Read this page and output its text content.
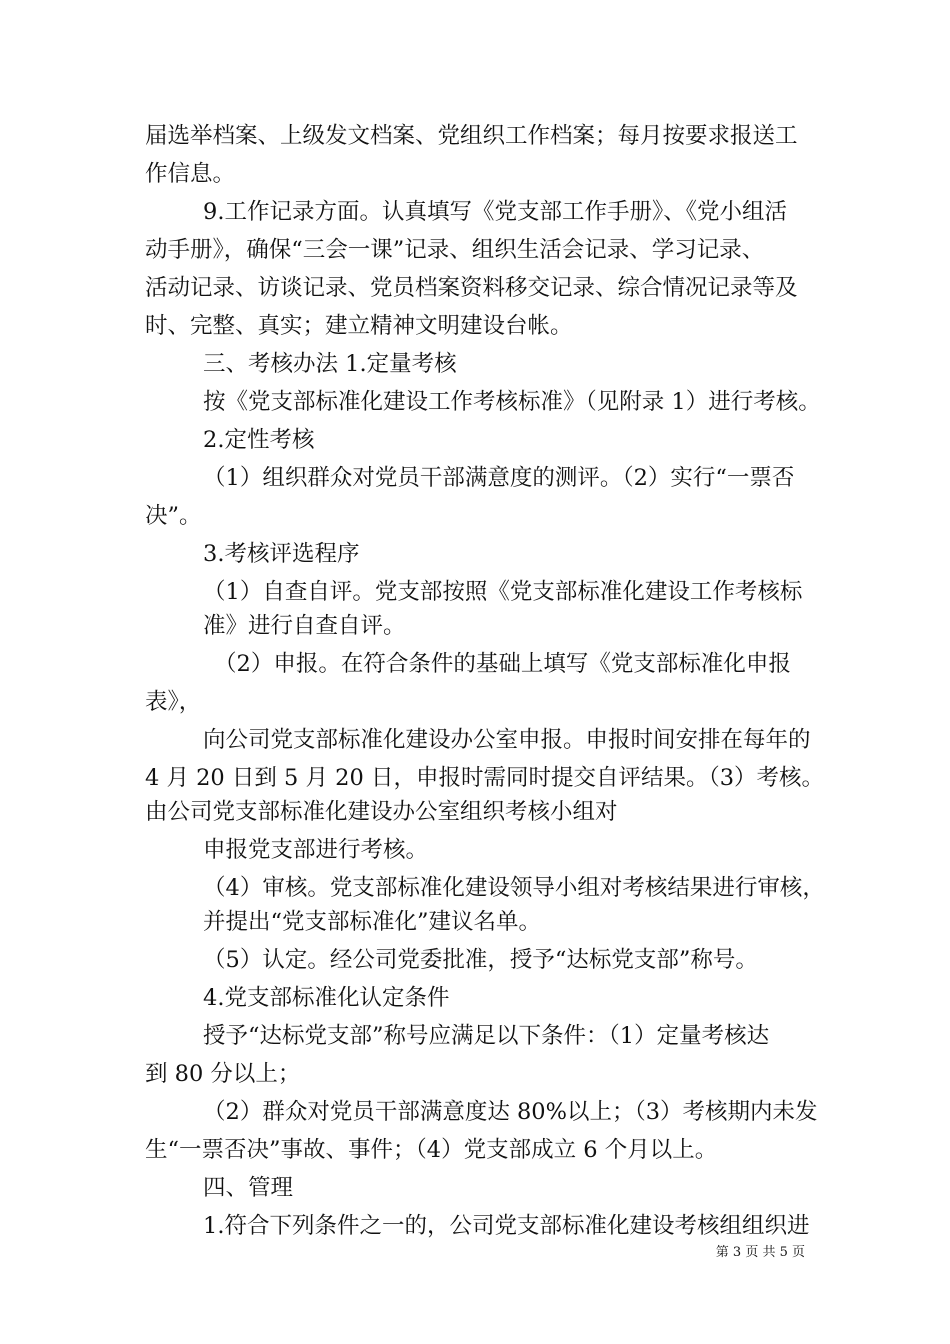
届选举档案、上级发文档案、党组织工作档案；每月按要求报送工
作信息。
9.工作记录方面。认真填写《党支部工作手册》、《党小组活
动手册》，确保“三会一课”记录、组织生活会记录、学习记录、
活动记录、访谈记录、党员档案资料移交记录、综合情况记录等及
时、完整、真实；建立精神文明建设台帐。
三、考核办法 1.定量考核
按《党支部标准化建设工作考核标准》（见附录 1）进行考核。
2.定性考核
（1）组织群众对党员干部满意度的测评。（2）实行“一票否
决”。
3.考核评选程序
（1）自查自评。党支部按照《党支部标准化建设工作考核标
准》进行自查自评。
（2）申报。在符合条件的基础上填写《党支部标准化申报
表》，
向公司党支部标准化建设办公室申报。申报时间安排在每年的
4 月 20 日到 5 月 20 日，申报时需同时提交自评结果。（3）考核。
由公司党支部标准化建设办公室组织考核小组对
申报党支部进行考核。
（4）审核。党支部标准化建设领导小组对考核结果进行审核，
并提出“党支部标准化”建议名单。
（5）认定。经公司党委批准，授予“达标党支部”称号。
4.党支部标准化认定条件
授予“达标党支部”称号应满足以下条件：（1）定量考核达
到 80 分以上；
（2）群众对党员干部满意度达 80%以上；（3）考核期内未发
生“一票否决”事故、事件；（4）党支部成立 6 个月以上。
四、管理
1.符合下列条件之一的，公司党支部标准化建设考核组组织进
第 3 页 共 5 页
